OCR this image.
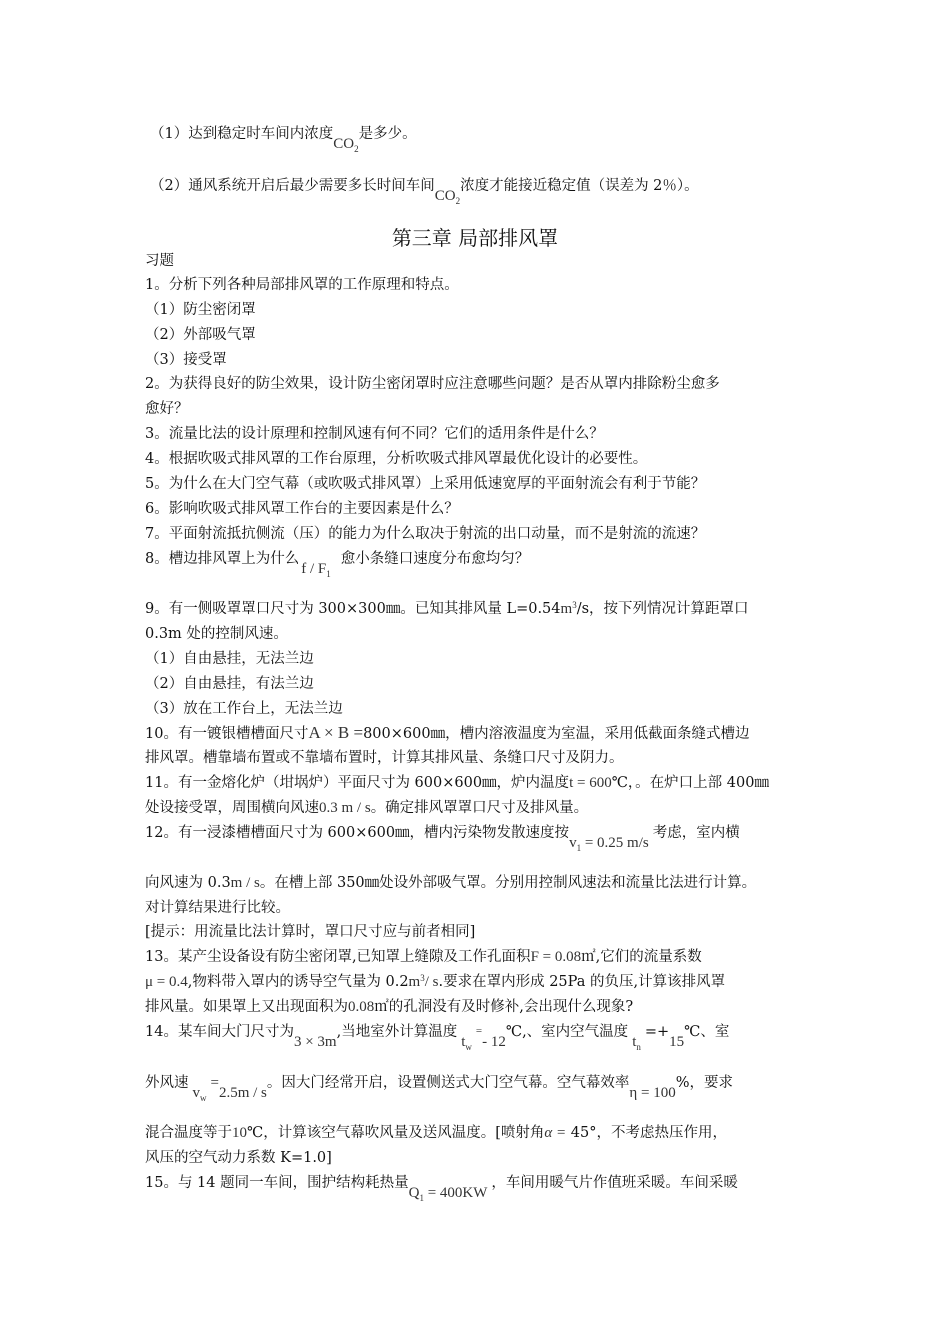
（1）达到稳定时车间内浓度$CO_2$是多少。
（2）通风系统开启后最少需要多长时间车间$CO_2$浓度才能接近稳定值（误差为 2％）。
第三章 局部排风罩
习题
1。分析下列各种局部排风罩的工作原理和特点。
（1）防尘密闭罩
（2）外部吸气罩
（3）接受罩
2。为获得良好的防尘效果，设计防尘密闭罩时应注意哪些问题？是否从罩内排除粉尘愈多
愈好？
3。流量比法的设计原理和控制风速有何不同？它们的适用条件是什么？
4。根据吹吸式排风罩的工作台原理，分析吹吸式排风罩最优化设计的必要性。
5。为什么在大门空气幕（或吹吸式排风罩）上采用低速宽厚的平面射流会有利于节能？
6。影响吹吸式排风罩工作台的主要因素是什么？
7。平面射流抵抗侧流（压）的能力为什么取决于射流的出口动量，而不是射流的流速？
8。槽边排风罩上为什么f / $F_1$愈小条缝口速度分布愈均匀？
9。有一侧吸罩罩口尺寸为 300×300㎜。已知其排风量 $L=0.54m^3/s$，按下列情况计算距罩口
0.3m 处的控制风速。
（1）自由悬挂，无法兰边
（2）自由悬挂，有法兰边
（3）放在工作台上，无法兰边
10。有一镀银槽槽面尺寸A × B =800×600㎜，槽内溶液温度为室温，采用低截面条缝式槽边
排风罩。槽靠墙布置或不靠墙布置时，计算其排风量、条缝口尺寸及阴力。
11。有一金熔化炉（坩埚炉）平面尺寸为 600×600㎜，炉内温度t = 600℃，。在炉口上部 400㎜
处设接受罩，周围横向风速0.3 m / s。确定排风罩罩口尺寸及排风量。
12。有一浸漆槽槽面尺寸为 600×600㎜，槽内污染物发散速度按$v_1 = 0.25$ m/s考虑，室内横
向风速为 0.3m / s。在槽上部 350㎜处设外部吸气罩。分别用控制风速法和流量比法进行计算。
对计算结果进行比较。
[提示：用流量比法计算时，罩口尺寸应与前者相同]
13。某产尘设备设有防尘密闭罩,已知罩上缝隙及工作孔面积F = 0.08㎡,它们的流量系数
μ = 0.4,物料带入罩内的诱导空气量为 $0.2m^3/$ s.要求在罩内形成 25Pa 的负压,计算该排风罩
排风量。如果罩上又出现面积为0.08㎡的孔洞没有及时修补,会出现什么现象?
14。某车间大门尺寸为3 × 3m,当地室外计算温度$t_w=-$ 12℃,、室内空气温度$t_n=+15℃$、室
外风速$v_w=2.5m / s$。因大门经常开启，设置侧送式大门空气幕。空气幕效率η = 100%，要求
混合温度等于10℃，计算该空气幕吹风量及送风温度。[喷射角α = 45°，不考虑热压作用，
风压的空气动力系数 K=1.0]
15。与 14 题同一车间，围护结构耗热量$Q_1 = 400KW$，车间用暖气片作值班采暖。车间采暖
